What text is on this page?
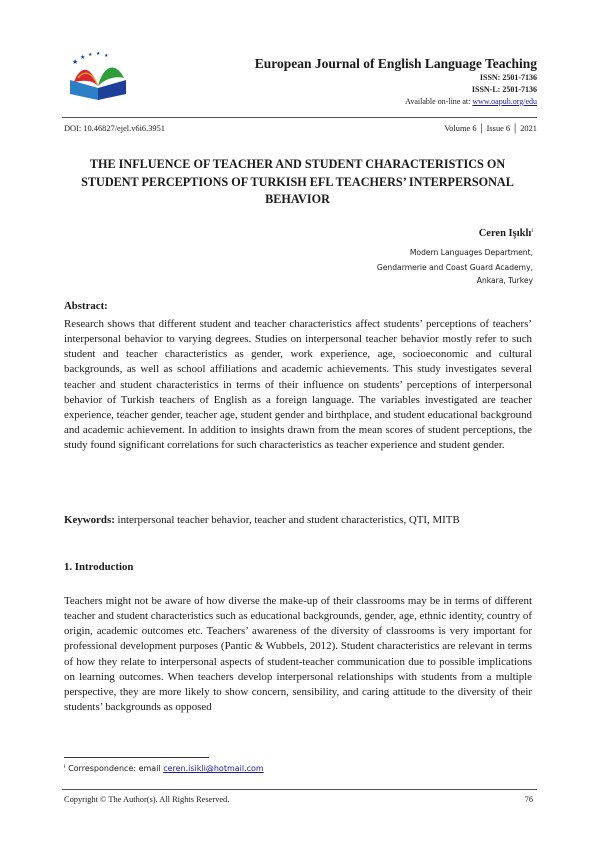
★ ★ ★ ★ ★	European Journal of English Language Teaching
ISSN: 2501-7136
ISSN-L: 2501-7136
Available on-line at: www.oapub.org/edu
DOI: 10.46827/ejel.v6i6.3951	Volume 6 │ Issue 6 │ 2021
THE INFLUENCE OF TEACHER AND STUDENT CHARACTERISTICS ON STUDENT PERCEPTIONS OF TURKISH EFL TEACHERS’ INTERPERSONAL BEHAVIOR
Ceren Işıklı$^i$
Modern Languages Department,
Gendarmerie and Coast Guard Academy,
Ankara, Turkey
Abstract:
Research shows that different student and teacher characteristics affect students’ perceptions of teachers’ interpersonal behavior to varying degrees. Studies on interpersonal teacher behavior mostly refer to such student and teacher characteristics as gender, work experience, age, socioeconomic and cultural backgrounds, as well as school affiliations and academic achievements. This study investigates several teacher and student characteristics in terms of their influence on students’ perceptions of interpersonal behavior of Turkish teachers of English as a foreign language. The variables investigated are teacher experience, teacher gender, teacher age, student gender and birthplace, and student educational background and academic achievement. In addition to insights drawn from the mean scores of student perceptions, the study found significant correlations for such characteristics as teacher experience and student gender.
Keywords: interpersonal teacher behavior, teacher and student characteristics, QTI, MITB
1. Introduction
Teachers might not be aware of how diverse the make-up of their classrooms may be in terms of different teacher and student characteristics such as educational backgrounds, gender, age, ethnic identity, country of origin, academic outcomes etc. Teachers’ awareness of the diversity of classrooms is very important for professional development purposes (Pantic & Wubbels, 2012). Student characteristics are relevant in terms of how they relate to interpersonal aspects of student-teacher communication due to possible implications on learning outcomes. When teachers develop interpersonal relationships with students from a multiple perspective, they are more likely to show concern, sensibility, and caring attitude to the diversity of their students’ backgrounds as opposed
$^i$ Correspondence: email ceren.isikli@hotmail.com
Copyright © The Author(s). All Rights Reserved.	76
